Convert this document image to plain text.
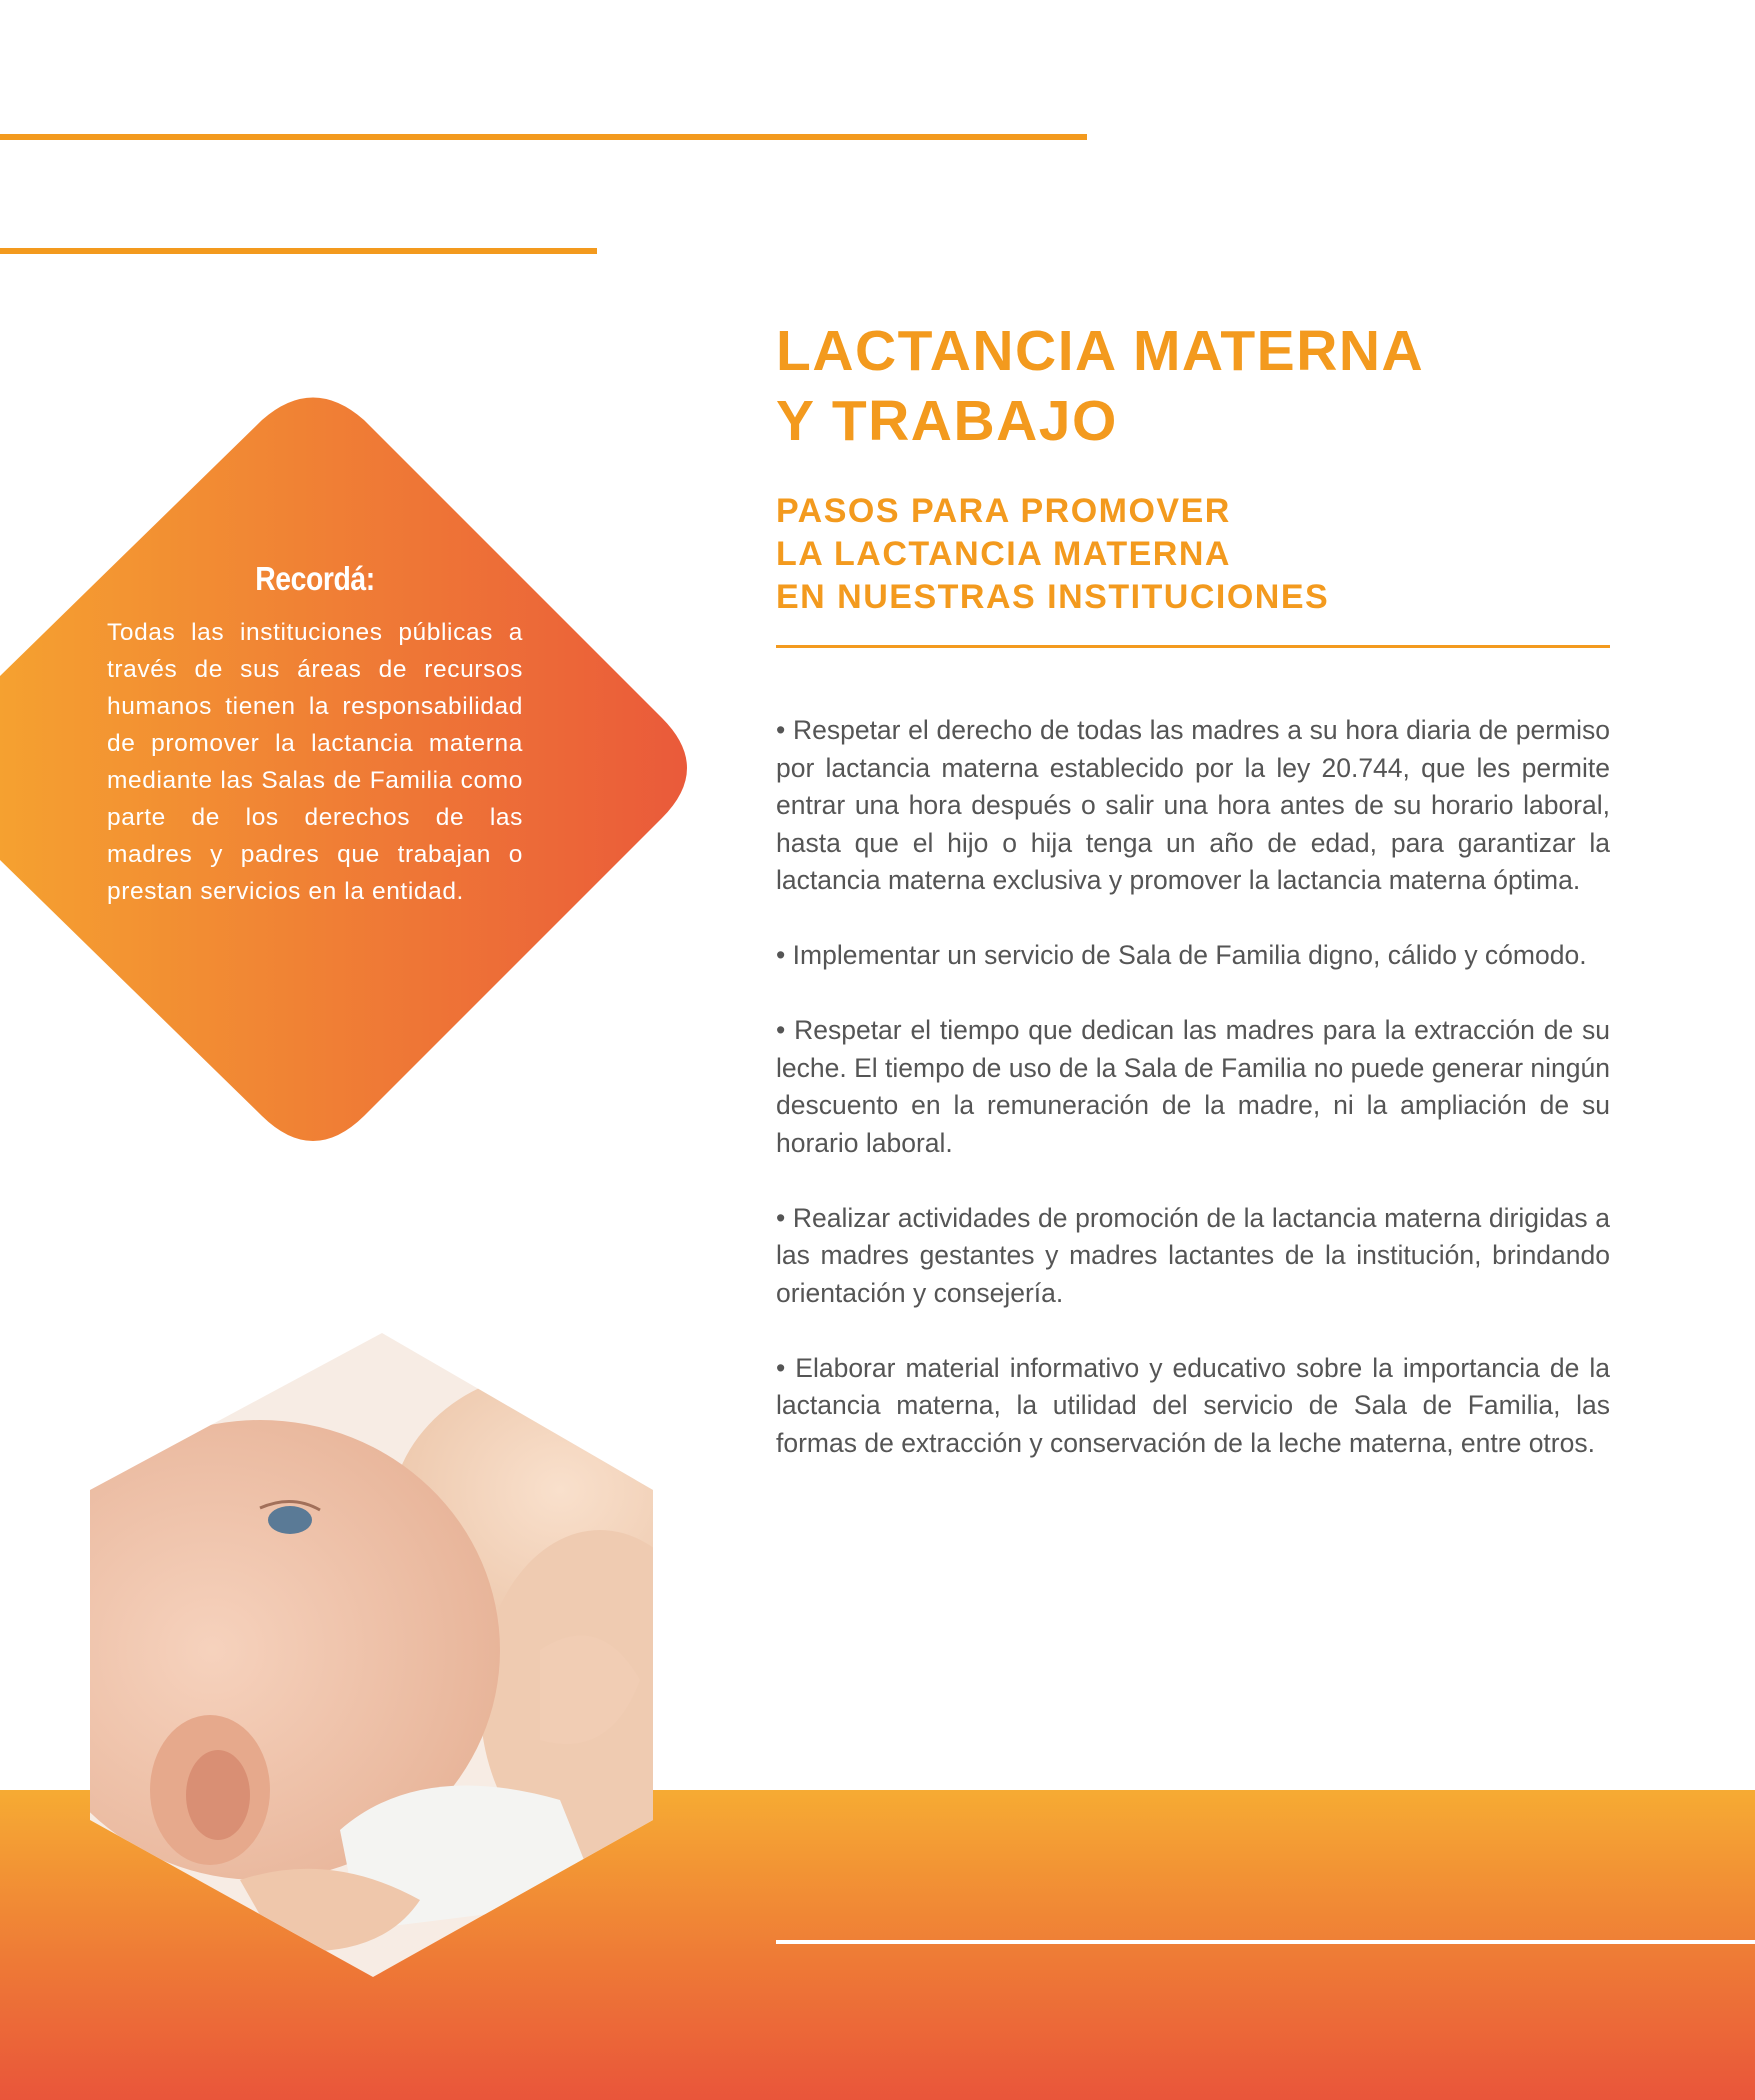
Recordá:

Todas las instituciones públicas a través de sus áreas de recursos humanos tienen la responsabilidad de promover la lactancia materna mediante las Salas de Familia como parte de los derechos de las madres y padres que trabajan o prestan servicios en la entidad.

LACTANCIA MATERNA
Y TRABAJO
PASOS PARA PROMOVER
LA LACTANCIA MATERNA
EN NUESTRAS INSTITUCIONES

• Respetar el derecho de todas las madres a su hora diaria de permiso por lactancia materna establecido por la ley 20.744, que les permite entrar una hora después o salir una hora antes de su horario laboral, hasta que el hijo o hija tenga un año de edad, para garantizar la lactancia materna exclusiva y promover la lactancia materna óptima.

• Implementar un servicio de Sala de Familia digno, cálido y cómodo.

• Respetar el tiempo que dedican las madres para la extracción de su leche. El tiempo de uso de la Sala de Familia no puede generar ningún descuento en la remuneración de la madre, ni la ampliación de su horario laboral.

• Realizar actividades de promoción de la lactancia materna dirigidas a las madres gestantes y madres lactantes de la institución, brindando orientación y consejería.

• Elaborar material informativo y educativo sobre la importancia de la lactancia materna, la utilidad del servicio de Sala de Familia, las formas de extracción y conservación de la leche materna, entre otros.
